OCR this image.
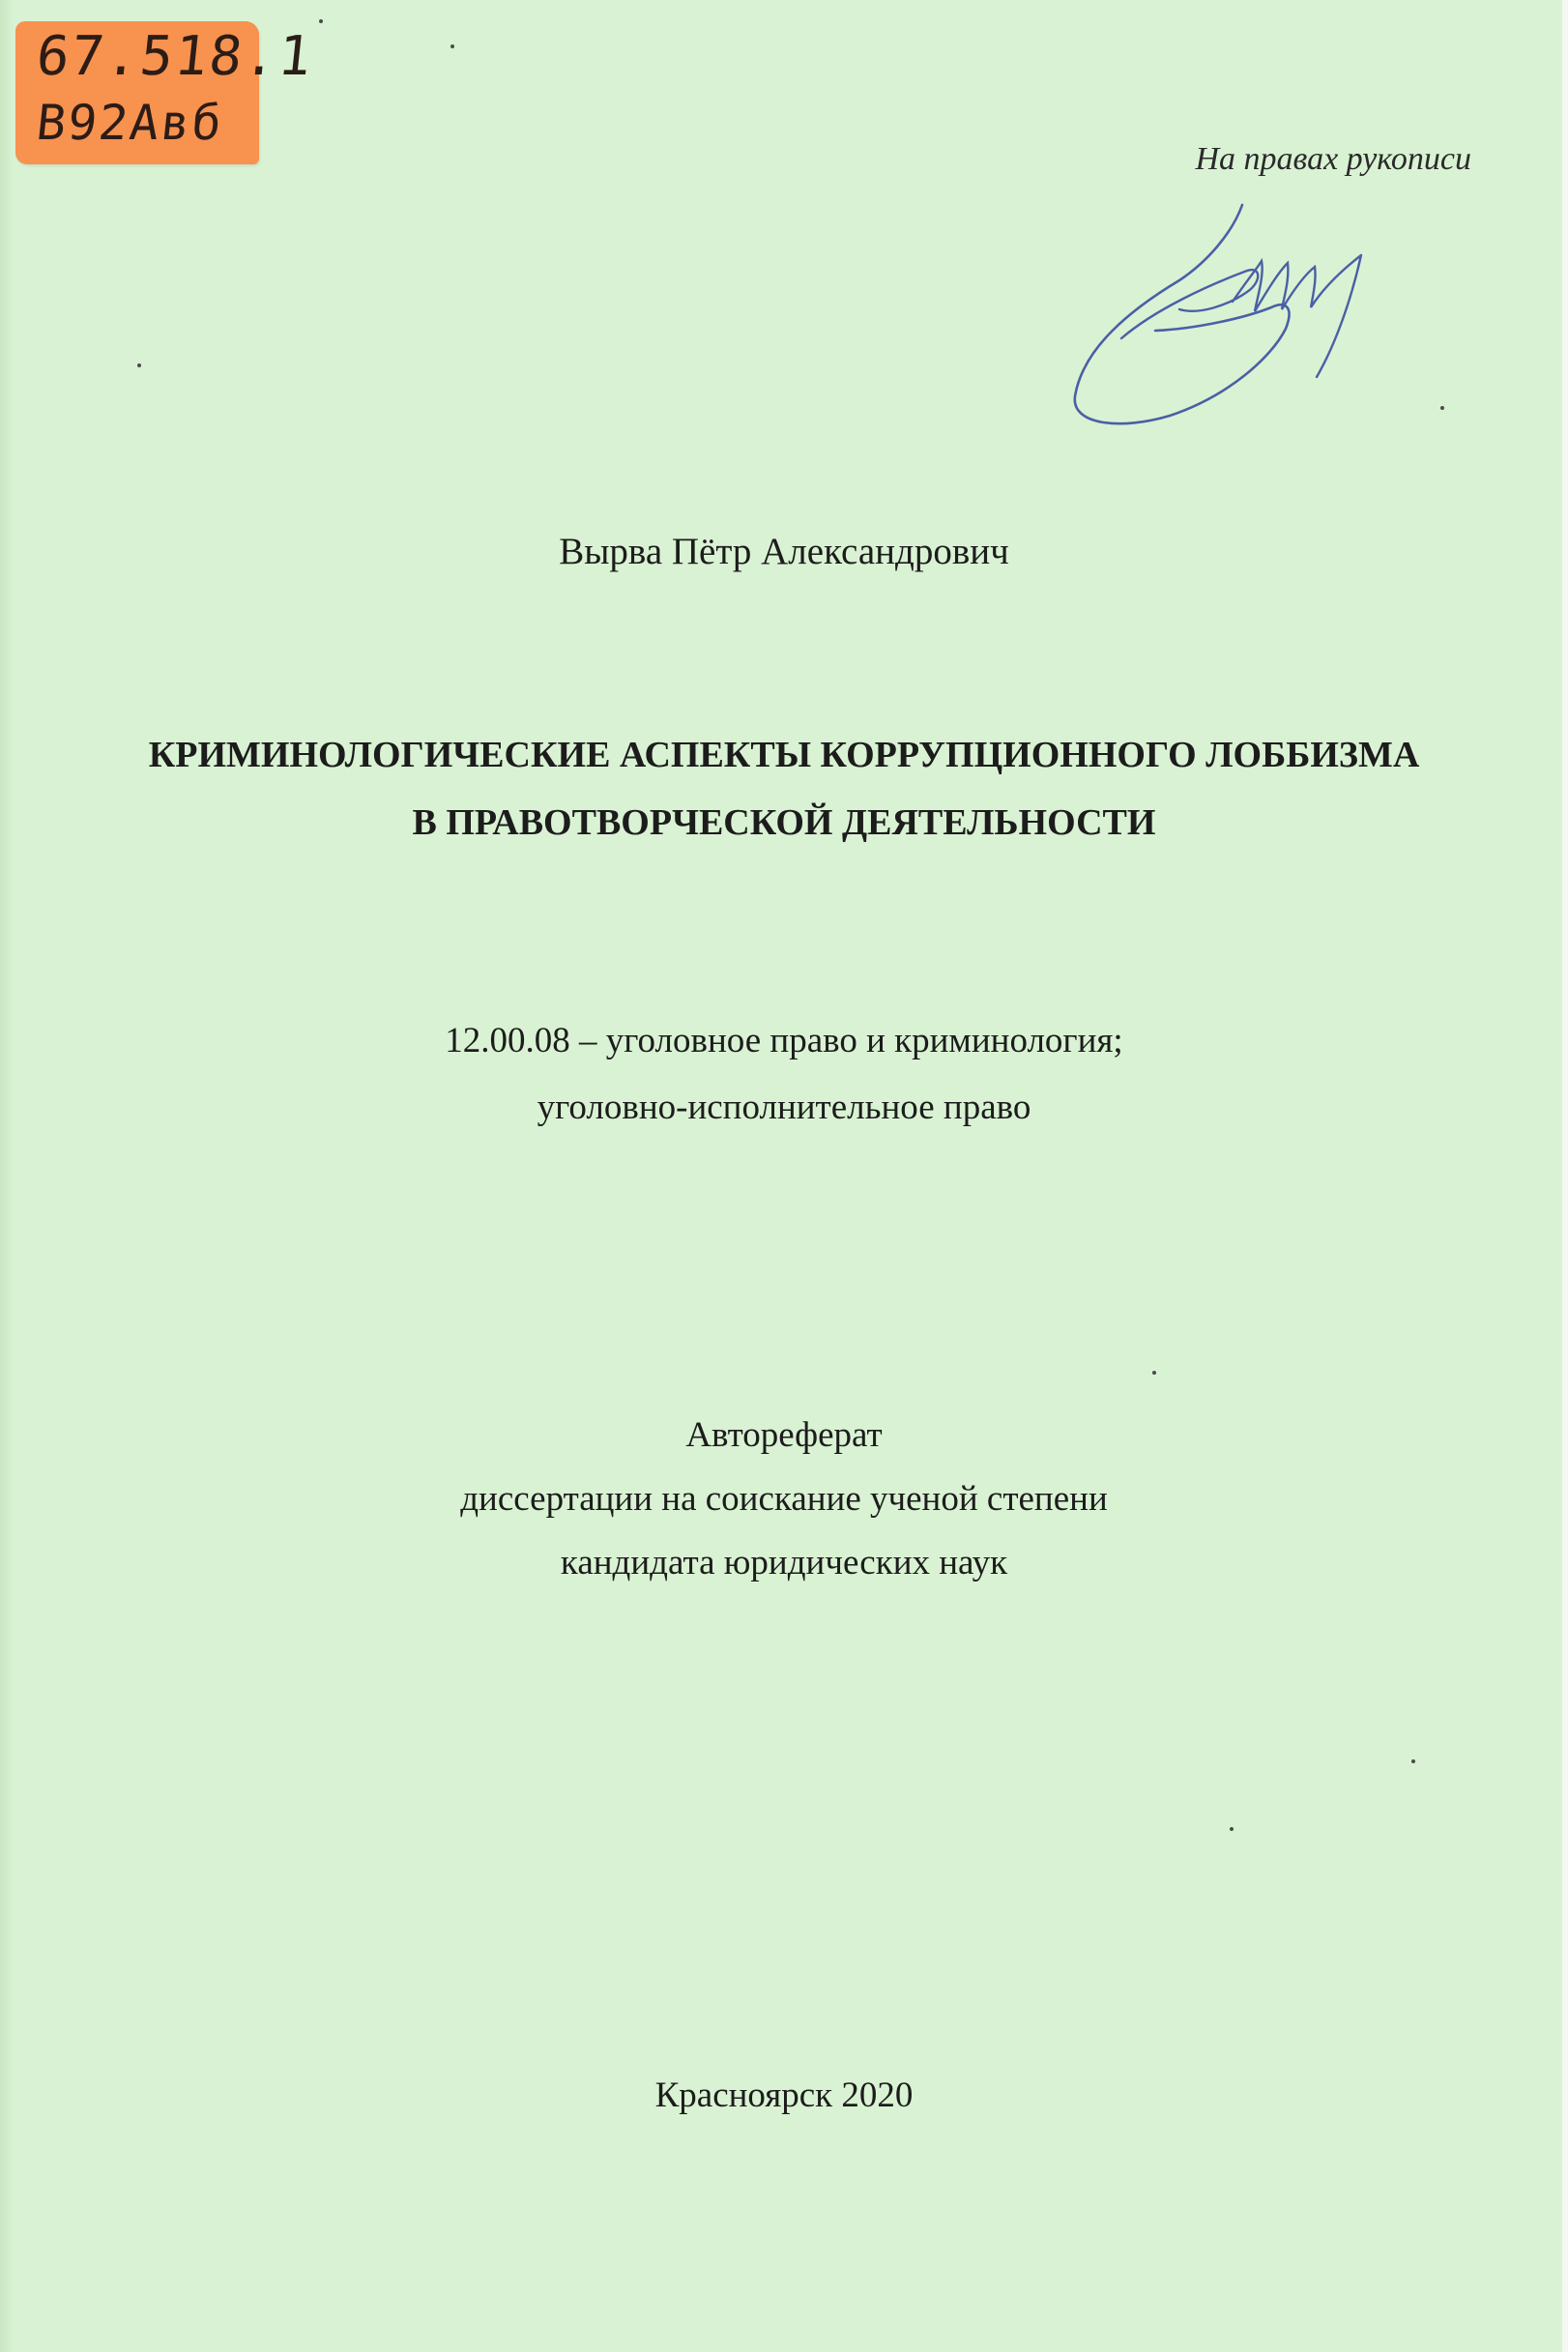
67.518.1
В92Авб
На правах рукописи
Вырва Пётр Александрович
КРИМИНОЛОГИЧЕСКИЕ АСПЕКТЫ КОРРУПЦИОННОГО ЛОББИЗМА
В ПРАВОТВОРЧЕСКОЙ ДЕЯТЕЛЬНОСТИ
12.00.08 – уголовное право и криминология;
уголовно-исполнительное право
Автореферат
диссертации на соискание ученой степени
кандидата юридических наук
Красноярск 2020
